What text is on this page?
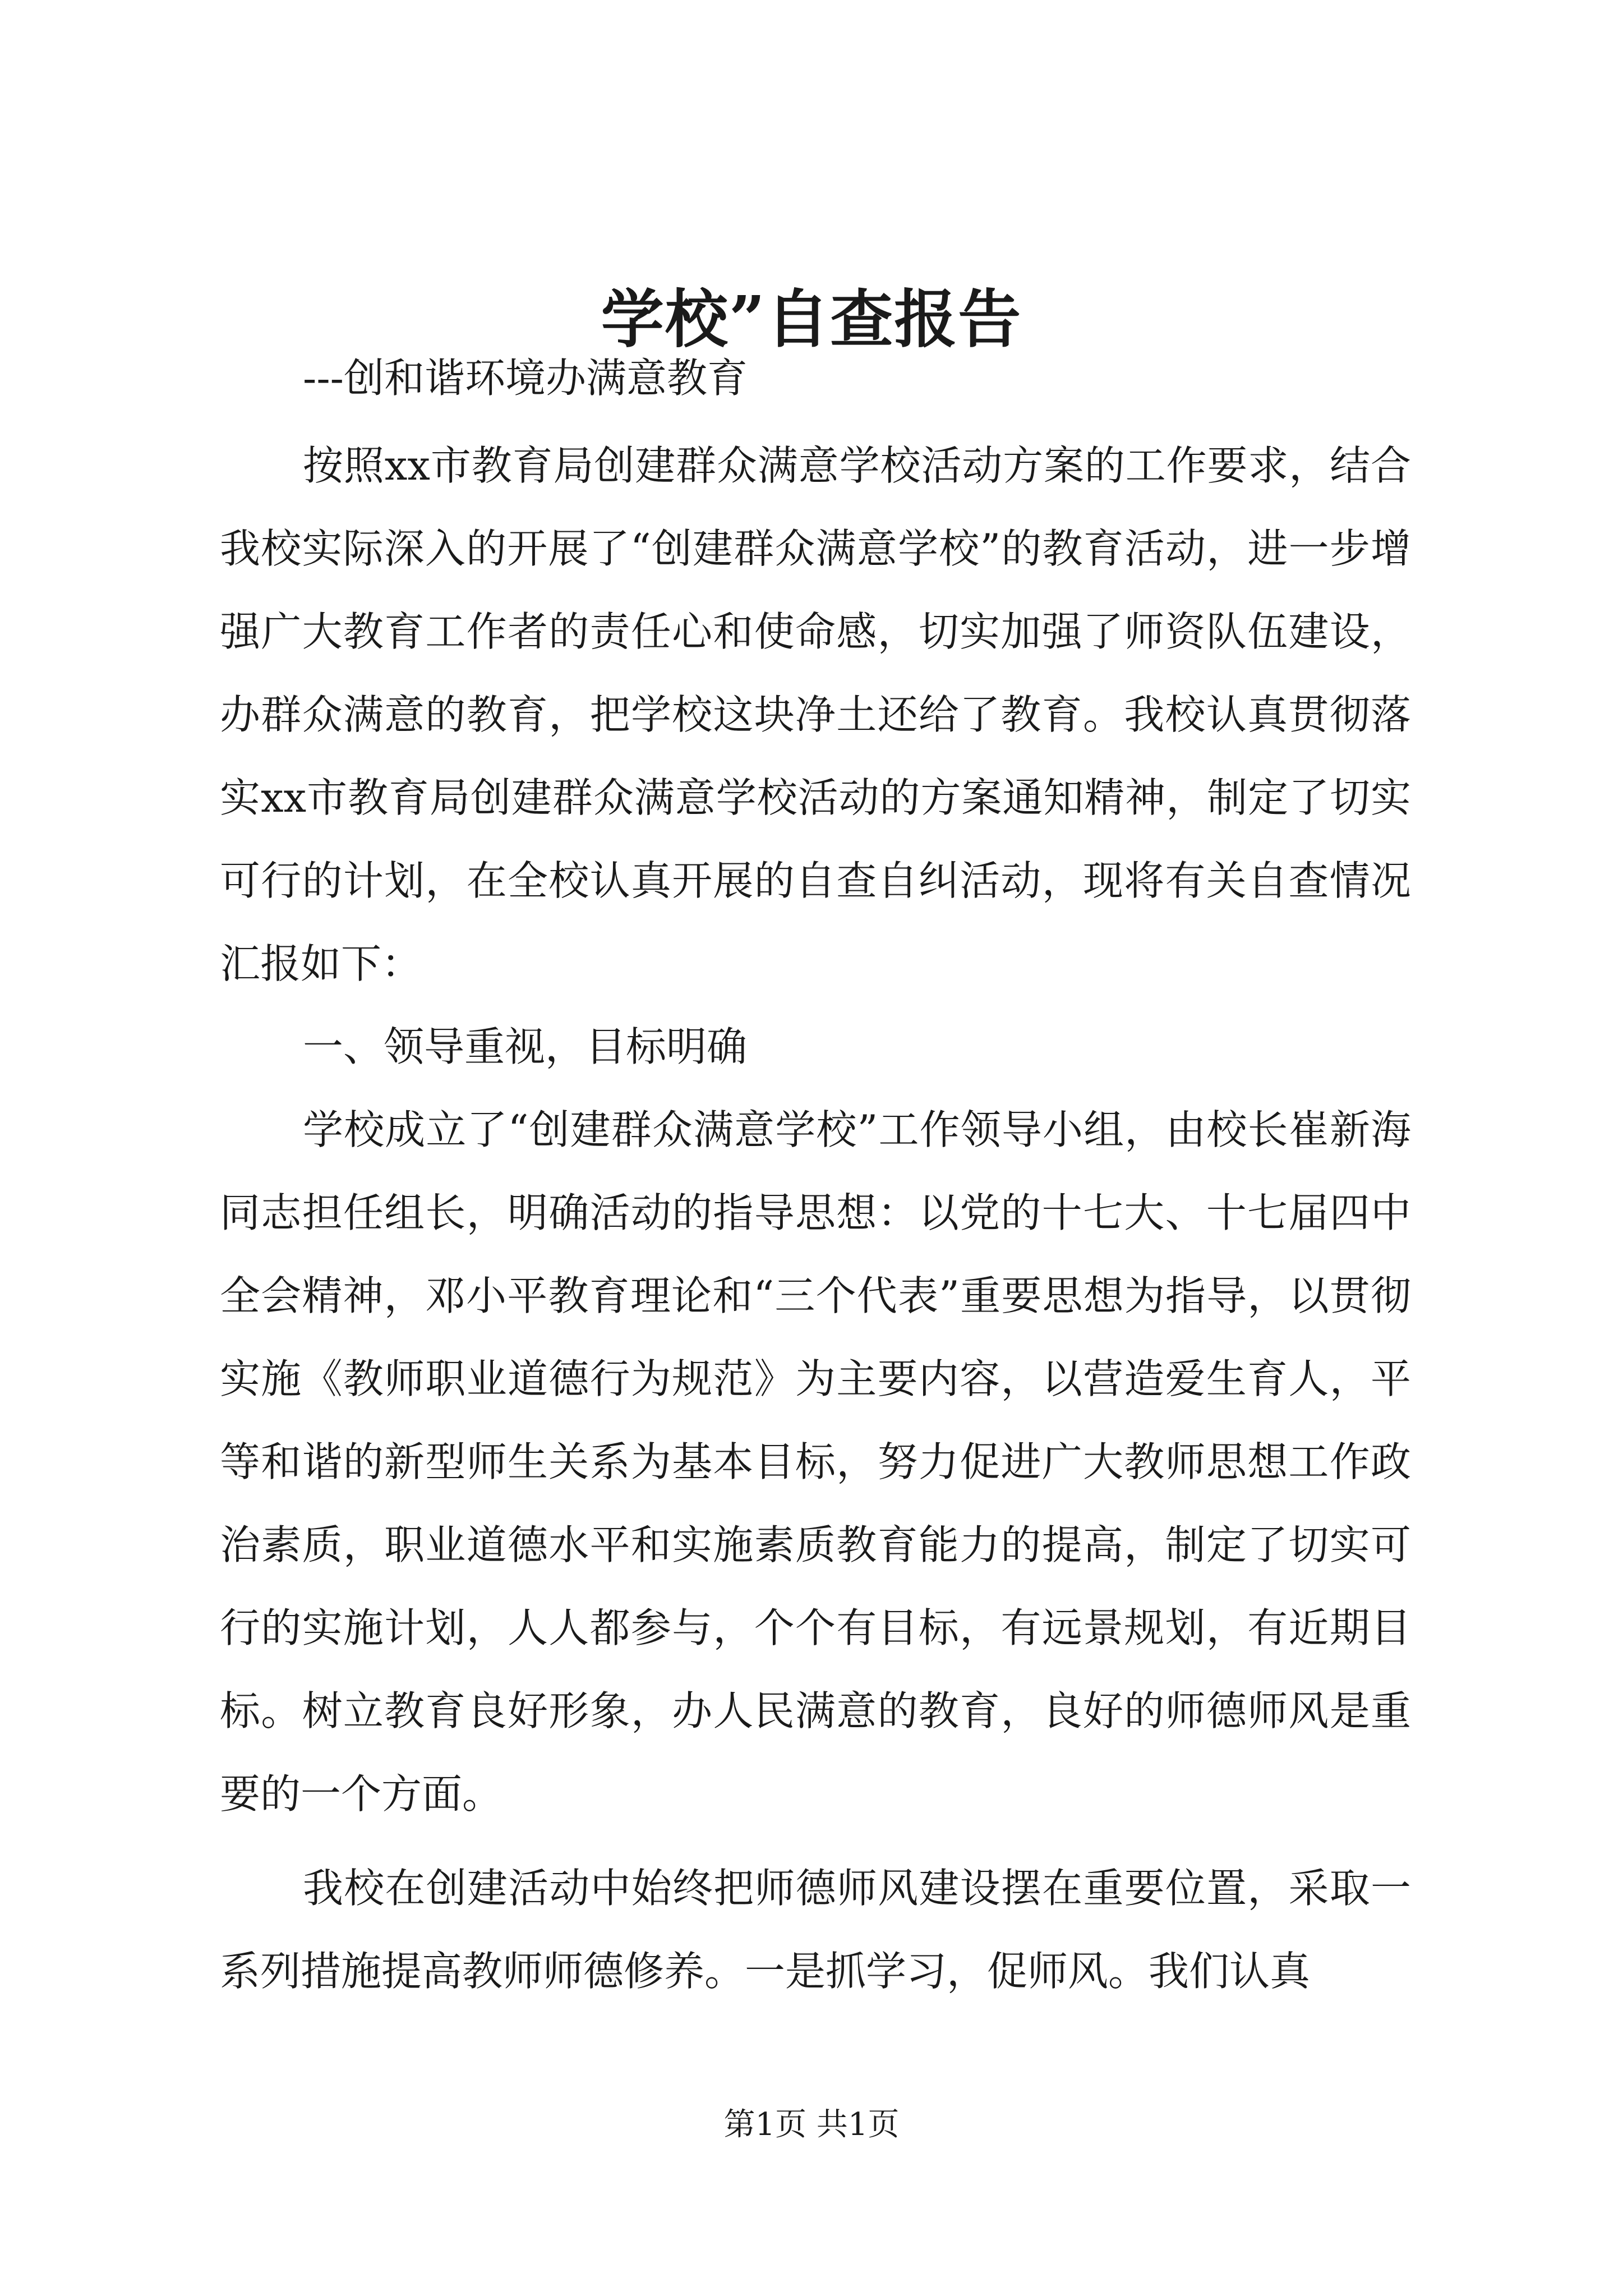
学校”自查报告

---创和谐环境办满意教育

按照xx市教育局创建群众满意学校活动方案的工作要求，结合我校实际深入的开展了“创建群众满意学校”的教育活动，进一步增强广大教育工作者的责任心和使命感，切实加强了师资队伍建设，办群众满意的教育，把学校这块净土还给了教育。我校认真贯彻落实xx市教育局创建群众满意学校活动的方案通知精神，制定了切实可行的计划，在全校认真开展的自查自纠活动，现将有关自查情况汇报如下：

一、领导重视，目标明确

学校成立了“创建群众满意学校”工作领导小组，由校长崔新海同志担任组长，明确活动的指导思想：以党的十七大、十七届四中全会精神，邓小平教育理论和“三个代表”重要思想为指导，以贯彻实施《教师职业道德行为规范》为主要内容，以营造爱生育人，平等和谐的新型师生关系为基本目标，努力促进广大教师思想工作政治素质，职业道德水平和实施素质教育能力的提高，制定了切实可行的实施计划，人人都参与，个个有目标，有远景规划，有近期目标。树立教育良好形象，办人民满意的教育，良好的师德师风是重要的一个方面。

我校在创建活动中始终把师德师风建设摆在重要位置，采取一系列措施提高教师师德修养。一是抓学习，促师风。我们认真

第1页 共1页
